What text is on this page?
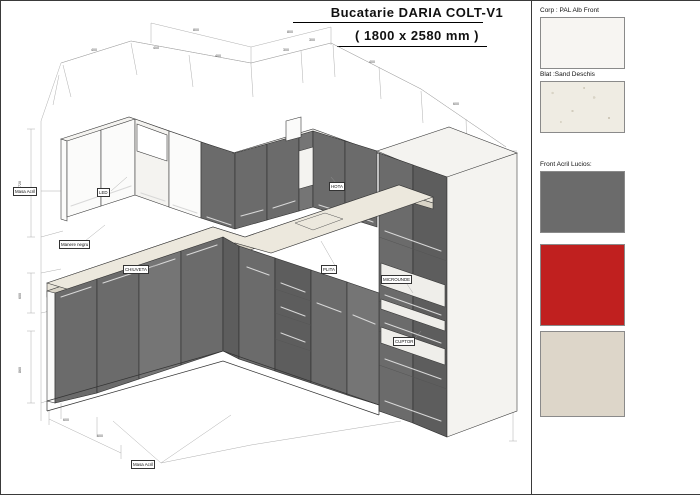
Bucatarie DARIA COLT-V1
( 1800 x 2580 mm )
400	400
400
300
300
400
600
800	800
720
600
860
600
600
Masa Acril
Manere negru
LED
CHIUVETA
HOTA
PLITA
MICROUNDE
CUPTOR
Masa Acril
Corp : PAL Alb Front
Blat :Sand Deschis
Front Acril Lucios:
